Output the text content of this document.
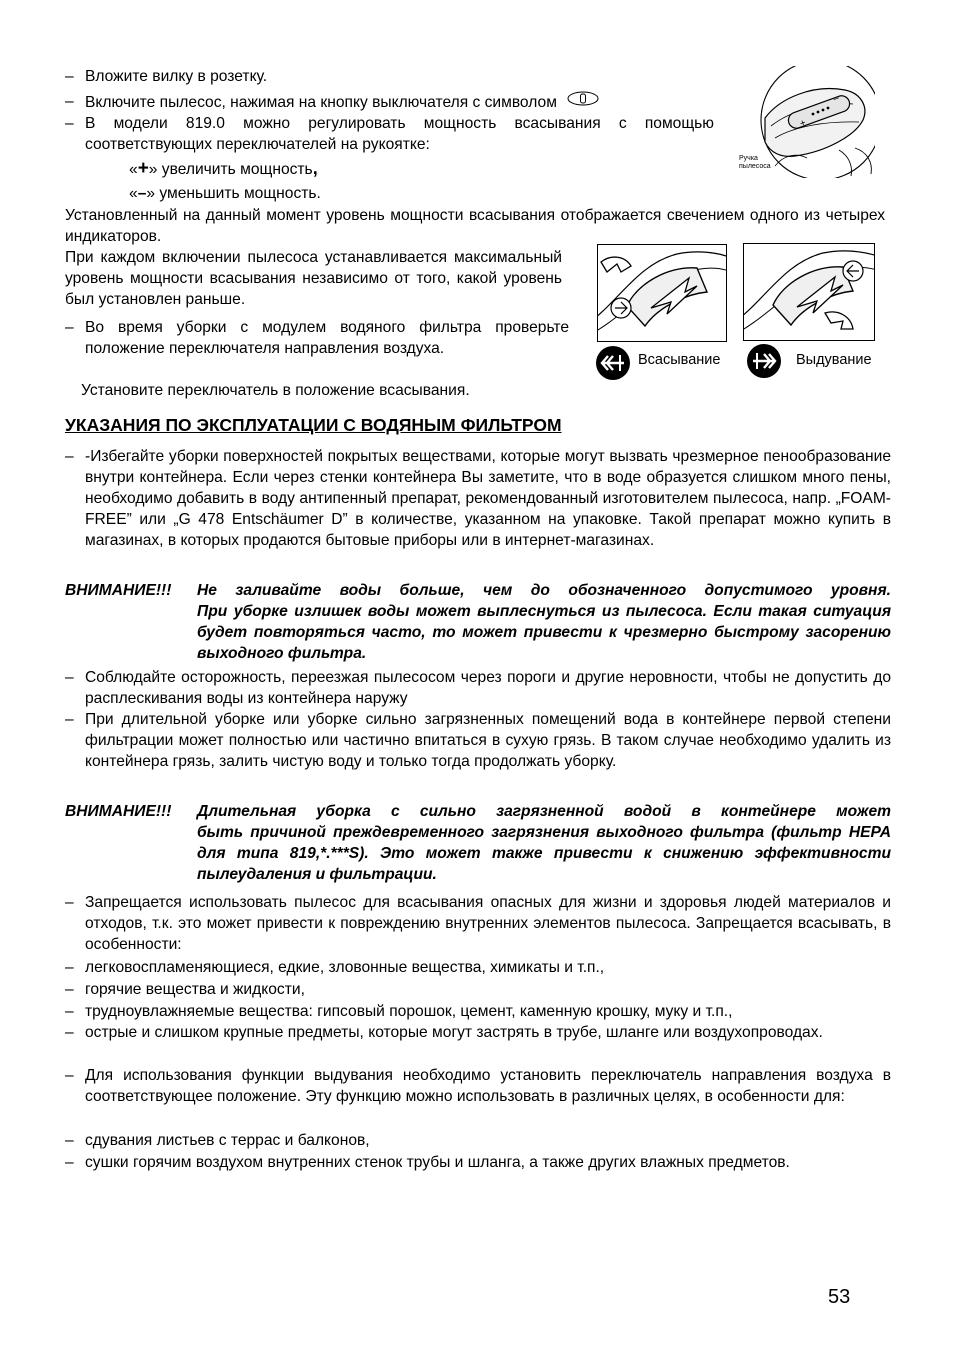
– Вложите вилку в розетку.
– Включите пылесос, нажимая на кнопку выключателя с символом
– В модели 819.0 можно регулировать мощность всасывания с помощью соответствующих переключателей на рукоятке:
«+» увеличить мощность,
«–» уменьшить мощность.
Установленный на данный момент уровень мощности всасывания отображается свечением одного из четырех индикаторов.
При каждом включении пылесоса устанавливается максимальный уровень мощности всасывания независимо от того, какой уровень был установлен раньше.
– Во время уборки с модулем водяного фильтра проверьте положение переключателя направления воздуха.
Установите переключатель в положение всасывания.
+
–
Ручка пылесоса
Всасывание	Выдувание
УКАЗАНИЯ ПО ЭКСПЛУАТАЦИИ С ВОДЯНЫМ ФИЛЬТРОМ
– -Избегайте уборки поверхностей покрытых веществами, которые могут вызвать чрезмерное пенообразование внутри контейнера. Если через стенки контейнера Вы заметите, что в воде образуется слишком много пены, необходимо добавить в воду антипенный препарат, рекомендованный изготовителем пылесоса, напр. „FOAM-FREE” или „G 478 Entschäumer D” в количестве, указанном на упаковке. Такой препарат можно купить в магазинах, в которых продаются бытовые приборы или в интернет-магазинах.
ВНИМАНИЕ!!! Не заливайте воды больше, чем до обозначенного допустимого уровня.
При уборке излишек воды может выплеснуться из пылесоса. Если такая ситуация будет повторяться часто, то может привести к чрезмерно быстрому засорению выходного фильтра.
– Соблюдайте осторожность, переезжая пылесосом через пороги и другие неровности, чтобы не допустить до расплескивания воды из контейнера наружу
– При длительной уборке или уборке сильно загрязненных помещений вода в контейнере первой степени фильтрации может полностью или частично впитаться в сухую грязь. В таком случае необходимо удалить из контейнера грязь, залить чистую воду и только тогда продолжать уборку.
ВНИМАНИЕ!!! Длительная уборка с сильно загрязненной водой в контейнере может
быть причиной преждевременного загрязнения выходного фильтра (фильтр HEPA для типа 819,*.***S). Это может также привести к снижению эффективности пылеудаления и фильтрации.
– Запрещается использовать пылесос для всасывания опасных для жизни и здоровья людей материалов и отходов, т.к. это может привести к повреждению внутренних элементов пылесоса. Запрещается всасывать, в особенности:
– легковоспламеняющиеся, едкие, зловонные вещества, химикаты и т.п.,
– горячие вещества и жидкости,
– трудноувлажняемые вещества: гипсовый порошок, цемент, каменную крошку, муку и т.п.,
– острые и слишком крупные предметы, которые могут застрять в трубе, шланге или воздухопроводах.
– Для использования функции выдувания необходимо установить переключатель направления воздуха в соответствующее положение. Эту функцию можно использовать в различных целях, в особенности для:
– сдувания листьев с террас и балконов,
– сушки горячим воздухом внутренних стенок трубы и шланга, а также других влажных предметов.
53
